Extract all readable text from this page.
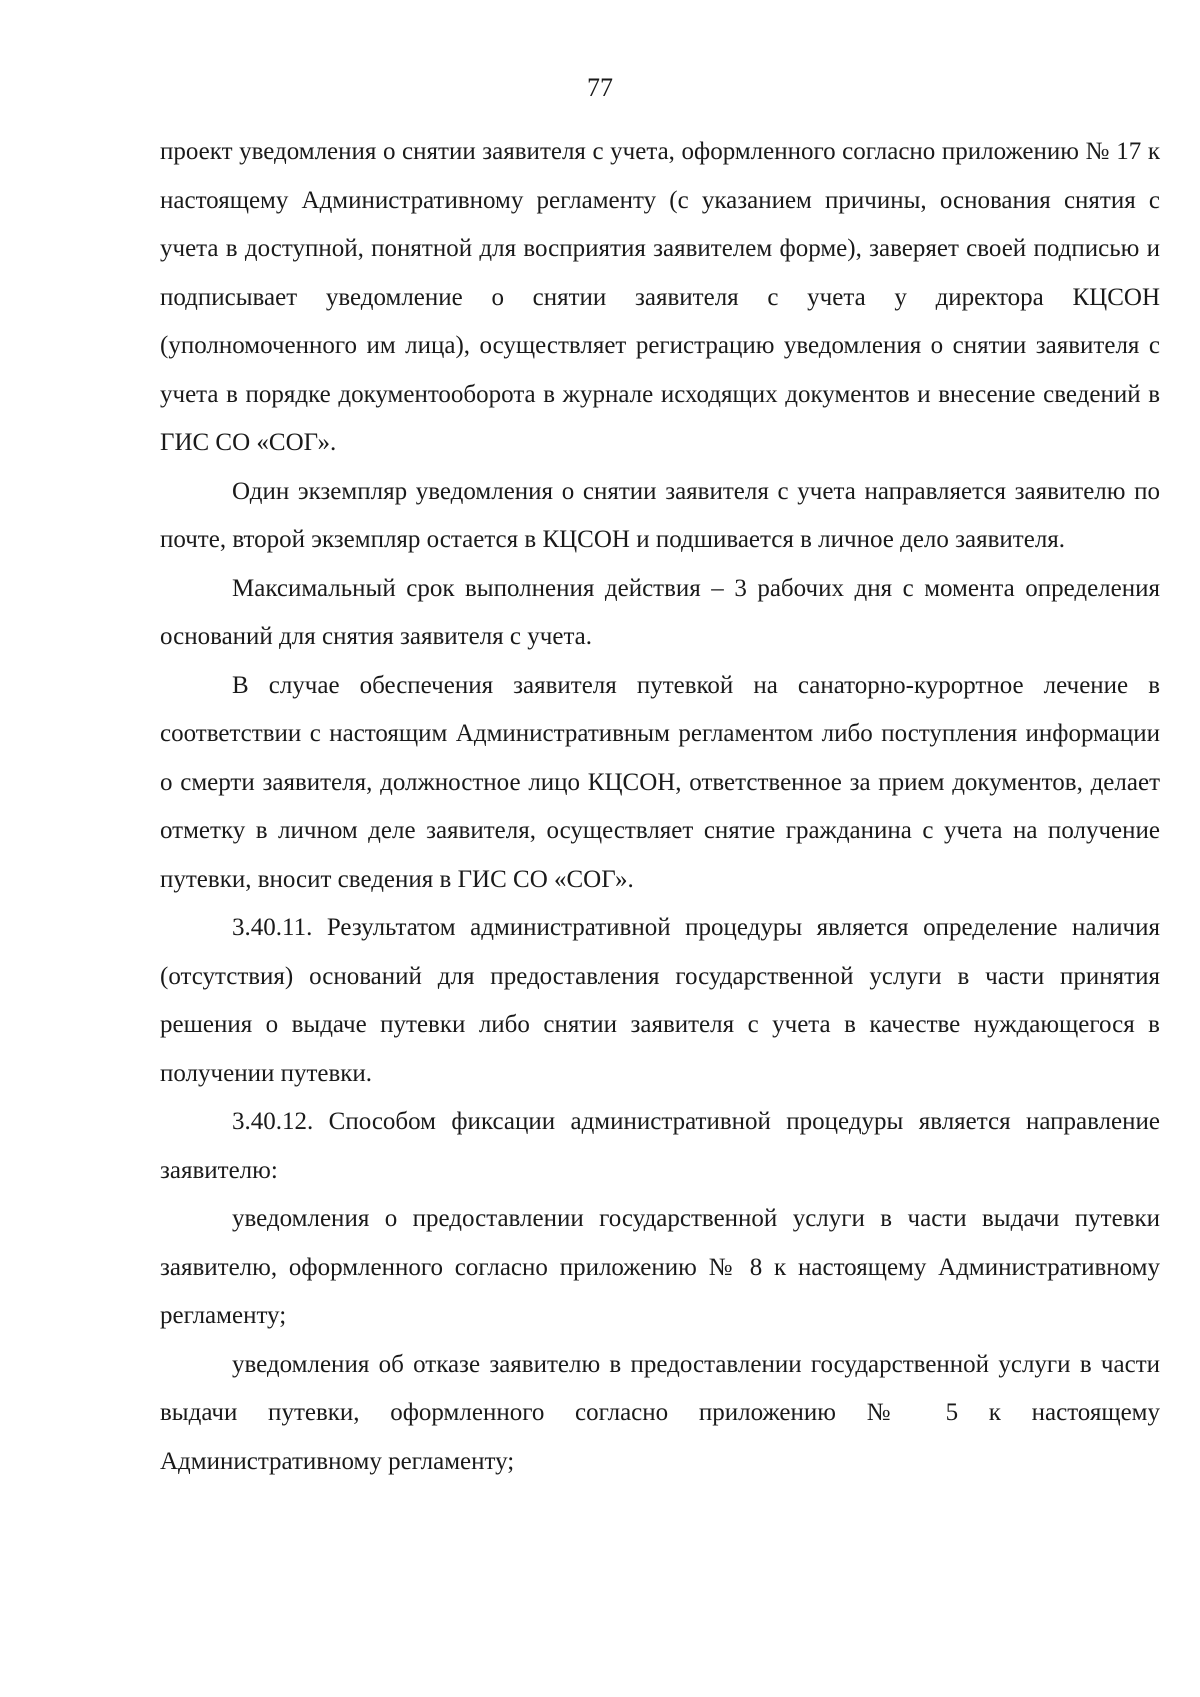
77

проект уведомления о снятии заявителя с учета, оформленного согласно приложению № 17 к настоящему Административному регламенту (с указанием причины, основания снятия с учета в доступной, понятной для восприятия заявителем форме), заверяет своей подписью и подписывает уведомление о снятии заявителя с учета у директора КЦСОН (уполномоченного им лица), осуществляет регистрацию уведомления о снятии заявителя с учета в порядке документооборота в журнале исходящих документов и внесение сведений в ГИС СО «СОГ».

Один экземпляр уведомления о снятии заявителя с учета направляется заявителю по почте, второй экземпляр остается в КЦСОН и подшивается в личное дело заявителя.

Максимальный срок выполнения действия – 3 рабочих дня с момента определения оснований для снятия заявителя с учета.

В случае обеспечения заявителя путевкой на санаторно-курортное лечение в соответствии с настоящим Административным регламентом либо поступления информации о смерти заявителя, должностное лицо КЦСОН, ответственное за прием документов, делает отметку в личном деле заявителя, осуществляет снятие гражданина с учета на получение путевки, вносит сведения в ГИС СО «СОГ».

3.40.11. Результатом административной процедуры является определение наличия (отсутствия) оснований для предоставления государственной услуги в части принятия решения о выдаче путевки либо снятии заявителя с учета в качестве нуждающегося в получении путевки.

3.40.12. Способом фиксации административной процедуры является направление заявителю:

уведомления о предоставлении государственной услуги в части выдачи путевки заявителю, оформленного согласно приложению № 8 к настоящему Административному регламенту;

уведомления об отказе заявителю в предоставлении государственной услуги в части выдачи путевки, оформленного согласно приложению № 5 к настоящему Административному регламенту;
